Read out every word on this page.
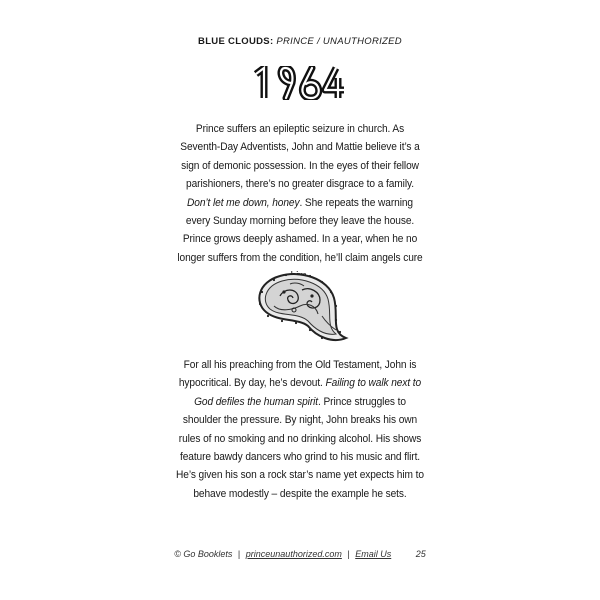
BLUE CLOUDS: PRINCE / UNAUTHORIZED
Prince suffers an epileptic seizure in church. As Seventh-Day Adventists, John and Mattie believe it’s a sign of demonic possession. In the eyes of their fellow parishioners, there’s no greater disgrace to a family. Don’t let me down, honey. She repeats the warning every Sunday morning before they leave the house. Prince grows deeply ashamed. In a year, when he no longer suffers from the condition, he’ll claim angels cure
For all his preaching from the Old Testament, John is hypocritical. By day, he’s devout. Failing to walk next to God defiles the human spirit. Prince struggles to shoulder the pressure. By night, John breaks his own rules of no smoking and no drinking alcohol. His shows feature bawdy dancers who grind to his music and flirt. He’s given his son a rock star’s name yet expects him to behave modestly – despite the example he sets.
© Go Booklets | princeunauthorized.com | Email Us	25
